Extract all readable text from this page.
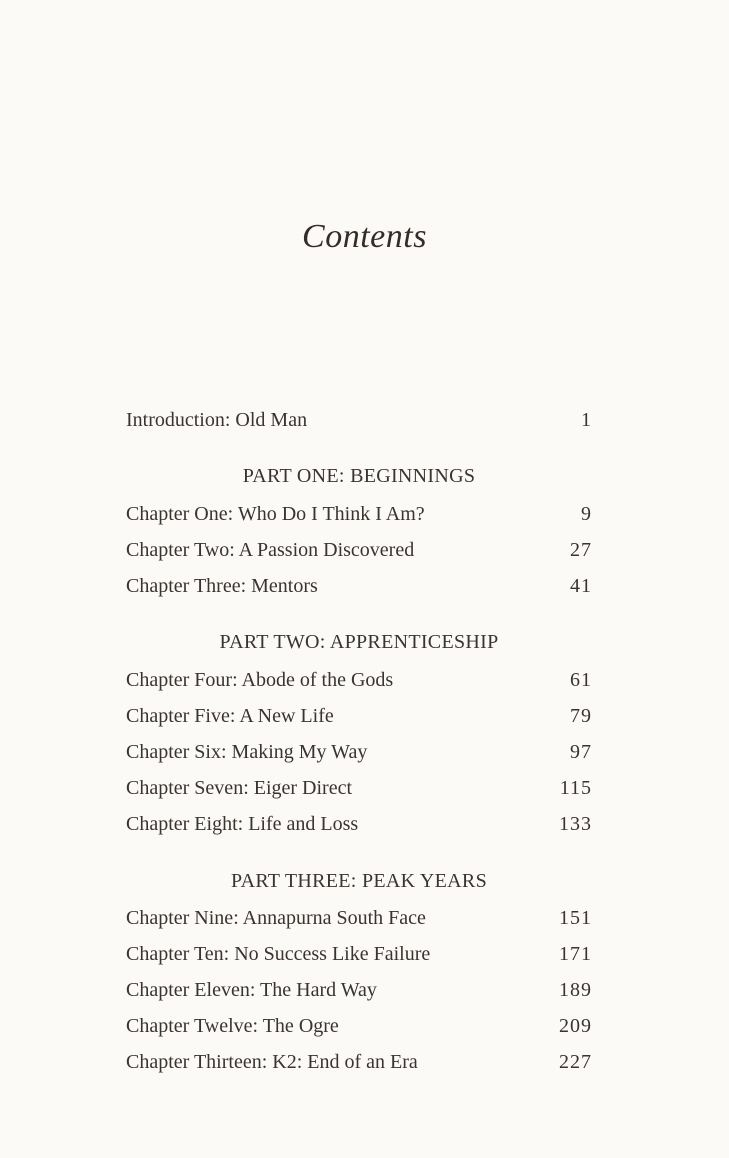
Contents
Introduction: Old Man	1
PART ONE: BEGINNINGS
Chapter One: Who Do I Think I Am?	9
Chapter Two: A Passion Discovered	27
Chapter Three: Mentors	41
PART TWO: APPRENTICESHIP
Chapter Four: Abode of the Gods	61
Chapter Five: A New Life	79
Chapter Six: Making My Way	97
Chapter Seven: Eiger Direct	115
Chapter Eight: Life and Loss	133
PART THREE: PEAK YEARS
Chapter Nine: Annapurna South Face	151
Chapter Ten: No Success Like Failure	171
Chapter Eleven: The Hard Way	189
Chapter Twelve: The Ogre	209
Chapter Thirteen: K2: End of an Era	227
